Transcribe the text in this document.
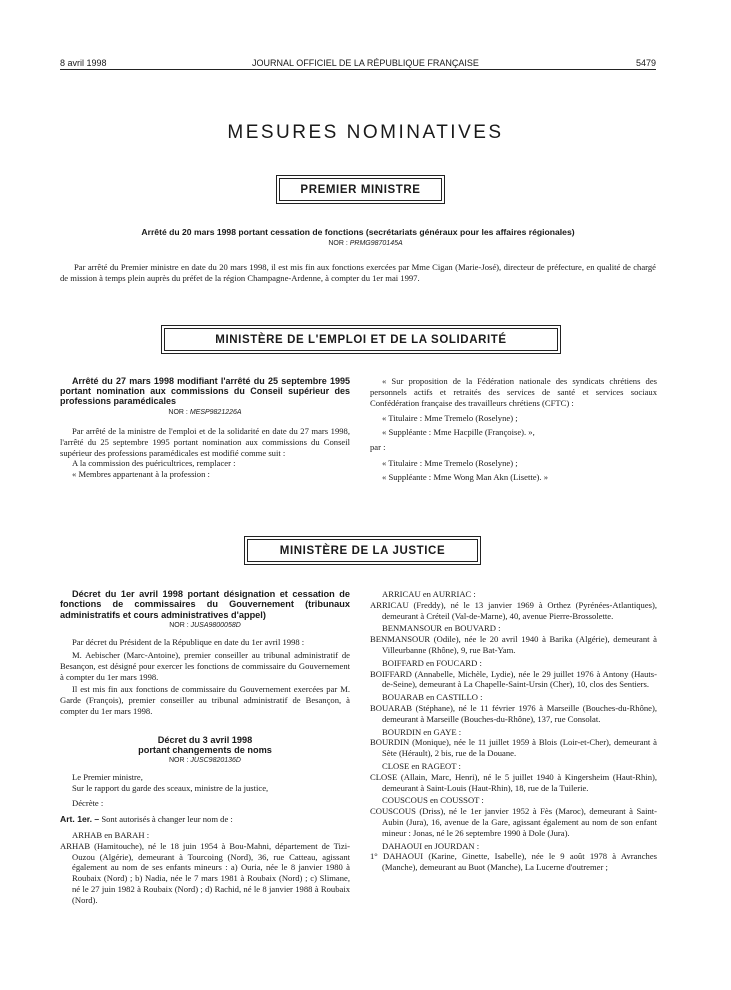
8 avril 1998	JOURNAL OFFICIEL DE LA RÉPUBLIQUE FRANÇAISE	5479
MESURES NOMINATIVES
PREMIER MINISTRE
Arrêté du 20 mars 1998 portant cessation de fonctions (secrétariats généraux pour les affaires régionales)
NOR : PRMG9870145A

Par arrêté du Premier ministre en date du 20 mars 1998, il est mis fin aux fonctions exercées par Mme Cigan (Marie-José), directeur de préfecture, en qualité de chargé de mission à temps plein auprès du préfet de la région Champagne-Ardenne, à compter du 1er mai 1997.

MINISTÈRE DE L'EMPLOI ET DE LA SOLIDARITÉ
Arrêté du 27 mars 1998 modifiant l'arrêté du 25 septembre 1995 portant nomination aux commissions du Conseil supérieur des professions paramédicales
NOR : MESP9821226A

Par arrêté de la ministre de l'emploi et de la solidarité en date du 27 mars 1998, l'arrêté du 25 septembre 1995 portant nomination aux commissions du Conseil supérieur des professions paramédicales est modifié comme suit :

A la commission des puéricultrices, remplacer :

« Membres appartenant à la profession :

« Sur proposition de la Fédération nationale des syndicats chrétiens des personnels actifs et retraités des services de santé et services sociaux Confédération française des travailleurs chrétiens (CFTC) :

« Titulaire : Mme Tremelo (Roselyne) ;

« Suppléante : Mme Hacpille (Françoise). »,

par :

« Titulaire : Mme Tremelo (Roselyne) ;

« Suppléante : Mme Wong Man Akn (Lisette). »

MINISTÈRE DE LA JUSTICE
Décret du 1er avril 1998 portant désignation et cessation de fonctions de commissaires du Gouvernement (tribunaux administratifs et cours administratives d'appel)
NOR : JUSA9800058D

Par décret du Président de la République en date du 1er avril 1998 :

M. Aebischer (Marc-Antoine), premier conseiller au tribunal administratif de Besançon, est désigné pour exercer les fonctions de commissaire du Gouvernement à compter du 1er mars 1998.

Il est mis fin aux fonctions de commissaire du Gouvernement exercées par M. Garde (François), premier conseiller au tribunal administratif de Besançon, à compter du 1er mars 1998.

Décret du 3 avril 1998
portant changements de noms
NOR : JUSC9820136D

Le Premier ministre,

Sur le rapport du garde des sceaux, ministre de la justice,

Décrète :

Art. 1er. – Sont autorisés à changer leur nom de :

ARHAB en BARAH :

ARHAB (Hamitouche), né le 18 juin 1954 à Bou-Mahni, département de Tizi-Ouzou (Algérie), demeurant à Tourcoing (Nord), 36, rue Catteau, agissant également au nom de ses enfants mineurs : a) Ouria, née le 8 janvier 1980 à Roubaix (Nord) ; b) Nadia, née le 7 mars 1981 à Roubaix (Nord) ; c) Slimane, né le 27 juin 1982 à Roubaix (Nord) ; d) Rachid, né le 8 janvier 1988 à Roubaix (Nord).

ARRICAU en AURRIAC :

ARRICAU (Freddy), né le 13 janvier 1969 à Orthez (Pyrénées-Atlantiques), demeurant à Créteil (Val-de-Marne), 40, avenue Pierre-Brossolette.

BENMANSOUR en BOUVARD :

BENMANSOUR (Odile), née le 20 avril 1940 à Barika (Algérie), demeurant à Villeurbanne (Rhône), 9, rue Bat-Yam.

BOIFFARD en FOUCARD :

BOIFFARD (Annabelle, Michèle, Lydie), née le 29 juillet 1976 à Antony (Hauts-de-Seine), demeurant à La Chapelle-Saint-Ursin (Cher), 10, clos des Sentiers.

BOUARAB en CASTILLO :

BOUARAB (Stéphane), né le 11 février 1976 à Marseille (Bouches-du-Rhône), demeurant à Marseille (Bouches-du-Rhône), 137, rue Consolat.

BOURDIN en GAYE :

BOURDIN (Monique), née le 11 juillet 1959 à Blois (Loir-et-Cher), demeurant à Sète (Hérault), 2 bis, rue de la Douane.

CLOSE en RAGEOT :

CLOSE (Allain, Marc, Henri), né le 5 juillet 1940 à Kingersheim (Haut-Rhin), demeurant à Saint-Louis (Haut-Rhin), 18, rue de la Tuilerie.

COUSCOUS en COUSSOT :

COUSCOUS (Driss), né le 1er janvier 1952 à Fès (Maroc), demeurant à Saint-Aubin (Jura), 16, avenue de la Gare, agissant également au nom de son enfant mineur : Jonas, né le 26 septembre 1990 à Dole (Jura).

DAHAOUI en JOURDAN :

1° DAHAOUI (Karine, Ginette, Isabelle), née le 9 août 1978 à Avranches (Manche), demeurant au Buot (Manche), La Lucerne d'outremer ;
